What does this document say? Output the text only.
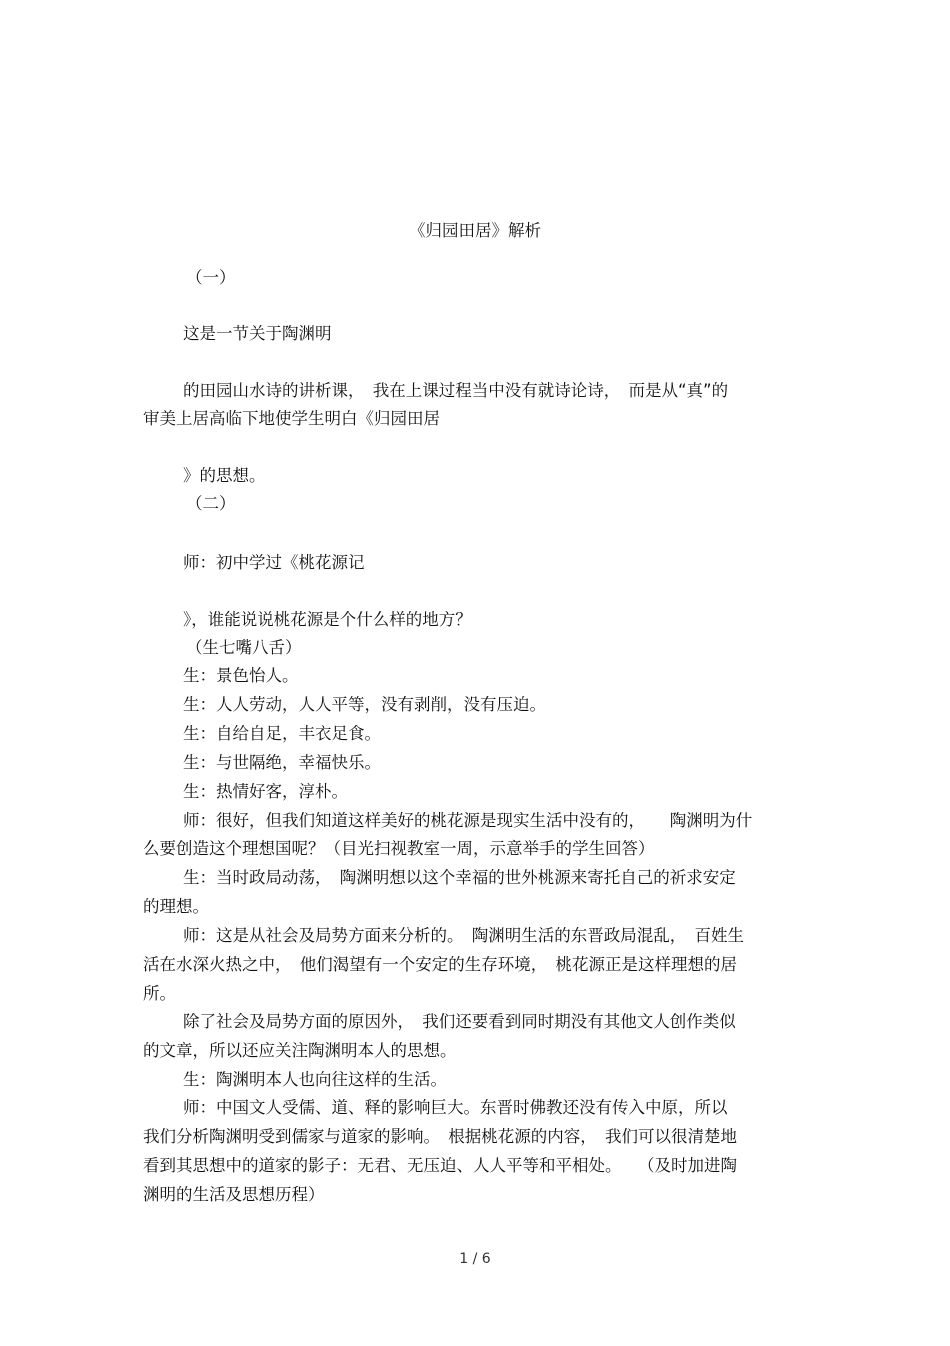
《归园田居》解析
（一）
这是一节关于陶渊明
的田园山水诗的讲析课，　我在上课过程当中没有就诗论诗，　而是从“真”的
审美上居高临下地使学生明白《归园田居
》的思想。
（二）
师：初中学过《桃花源记
》，谁能说说桃花源是个什么样的地方？
（生七嘴八舌）
生：景色怡人。
生：人人劳动，人人平等，没有剥削，没有压迫。
生：自给自足，丰衣足食。
生：与世隔绝，幸福快乐。
生：热情好客，淳朴。
师：很好，但我们知道这样美好的桃花源是现实生活中没有的，　　陶渊明为什
么要创造这个理想国呢？（目光扫视教室一周，示意举手的学生回答）
生：当时政局动荡，　陶渊明想以这个幸福的世外桃源来寄托自己的祈求安定
的理想。
师：这是从社会及局势方面来分析的。　陶渊明生活的东晋政局混乱，　百姓生
活在水深火热之中，　他们渴望有一个安定的生存环境，　桃花源正是这样理想的居
所。
除了社会及局势方面的原因外，　我们还要看到同时期没有其他文人创作类似
的文章，所以还应关注陶渊明本人的思想。
生：陶渊明本人也向往这样的生活。
师：中国文人受儒、道、释的影响巨大。东晋时佛教还没有传入中原，所以
我们分析陶渊明受到儒家与道家的影响。　根据桃花源的内容，　我们可以很清楚地
看到其思想中的道家的影子：无君、无压迫、人人平等和平相处。　　（及时加进陶
渊明的生活及思想历程）
1 / 6
